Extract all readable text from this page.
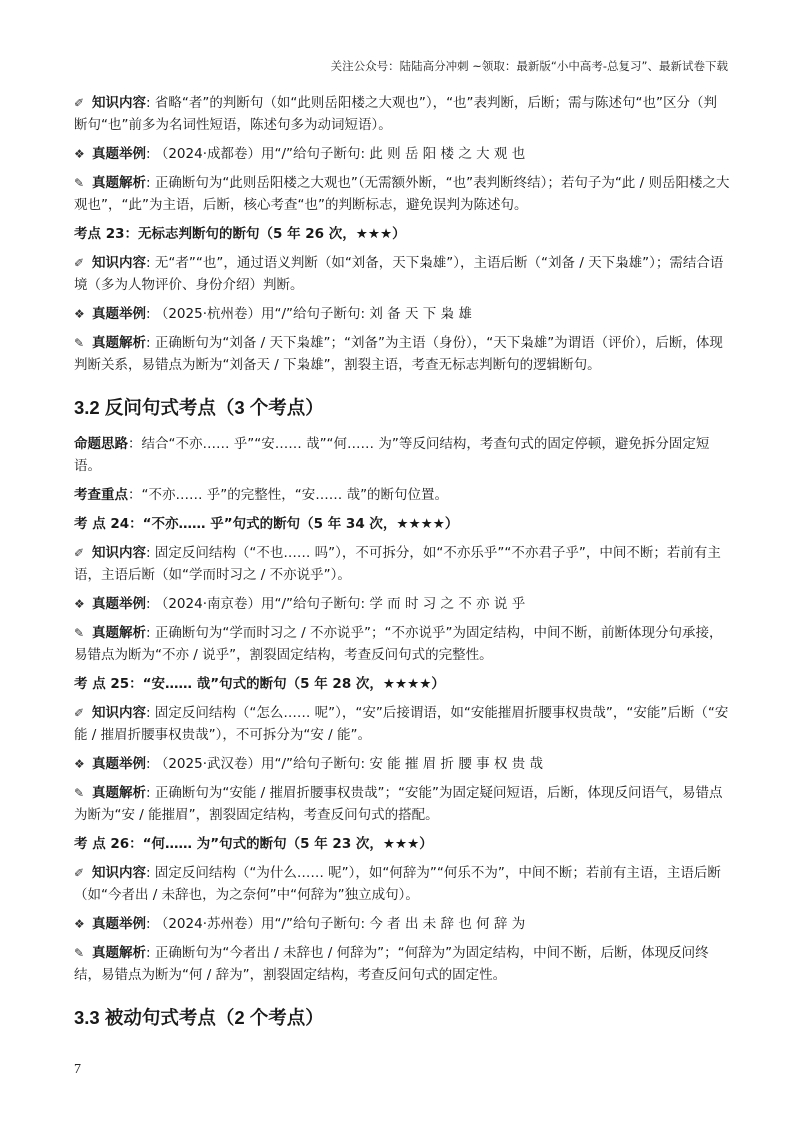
关注公众号：陆陆高分冲刺 ~领取：最新版“小中高考-总复习”、最新试卷下载
✐ 知识内容: 省略“者”的判断句（如“此则岳阳楼之大观也”），“也”表判断，后断；需与陈述句“也”区分（判断句“也”前多为名词性短语，陈述句多为动词短语）。
❖ 真题举例: （2024·成都卷）用“/”给句子断句: 此 则 岳 阳 楼 之 大 观 也
✎ 真题解析: 正确断句为“此则岳阳楼之大观也”（无需额外断，“也”表判断终结）；若句子为“此 / 则岳阳楼之大观也”，“此”为主语，后断，核心考查“也”的判断标志，避免误判为陈述句。
考点 23：无标志判断句的断句（5 年 26 次，★★★）
✐ 知识内容: 无“者”“也”，通过语义判断（如“刘备，天下枭雄”），主语后断（“刘备 / 天下枭雄”）；需结合语境（多为人物评价、身份介绍）判断。
❖ 真题举例: （2025·杭州卷）用“/”给句子断句: 刘 备 天 下 枭 雄
✎ 真题解析: 正确断句为“刘备 / 天下枭雄”；“刘备”为主语（身份），“天下枭雄”为谓语（评价），后断，体现判断关系，易错点为断为“刘备天 / 下枭雄”，割裂主语，考查无标志判断句的逻辑断句。
3.2 反问句式考点（3 个考点）
命题思路：结合“不亦…… 乎”“安…… 哉”“何…… 为”等反问结构，考查句式的固定停顿，避免拆分固定短语。
考查重点：“不亦…… 乎”的完整性，“安…… 哉”的断句位置。
考 点 24：“不亦…… 乎”句式的断句（5 年 34 次，★★★★）
✐ 知识内容: 固定反问结构（“不也…… 吗”），不可拆分，如“不亦乐乎”“不亦君子乎”，中间不断；若前有主语，主语后断（如“学而时习之 / 不亦说乎”）。
❖ 真题举例: （2024·南京卷）用“/”给句子断句: 学 而 时 习 之 不 亦 说 乎
✎ 真题解析: 正确断句为“学而时习之 / 不亦说乎”；“不亦说乎”为固定结构，中间不断，前断体现分句承接，易错点为断为“不亦 / 说乎”，割裂固定结构，考查反问句式的完整性。
考 点 25：“安…… 哉”句式的断句（5 年 28 次，★★★★）
✐ 知识内容: 固定反问结构（“怎么…… 呢”），“安”后接谓语，如“安能摧眉折腰事权贵哉”，“安能”后断（“安能 / 摧眉折腰事权贵哉”），不可拆分为“安 / 能”。
❖ 真题举例: （2025·武汉卷）用“/”给句子断句: 安 能 摧 眉 折 腰 事 权 贵 哉
✎ 真题解析: 正确断句为“安能 / 摧眉折腰事权贵哉”；“安能”为固定疑问短语，后断，体现反问语气，易错点为断为“安 / 能摧眉”，割裂固定结构，考查反问句式的搭配。
考 点 26：“何…… 为”句式的断句（5 年 23 次，★★★）
✐ 知识内容: 固定反问结构（“为什么…… 呢”），如“何辞为”“何乐不为”，中间不断；若前有主语，主语后断（如“今者出 / 未辞也，为之奈何”中“何辞为”独立成句）。
❖ 真题举例: （2024·苏州卷）用“/”给句子断句: 今 者 出 未 辞 也 何 辞 为
✎ 真题解析: 正确断句为“今者出 / 未辞也 / 何辞为”；“何辞为”为固定结构，中间不断，后断，体现反问终结，易错点为断为“何 / 辞为”，割裂固定结构，考查反问句式的固定性。
3.3 被动句式考点（2 个考点）
7
